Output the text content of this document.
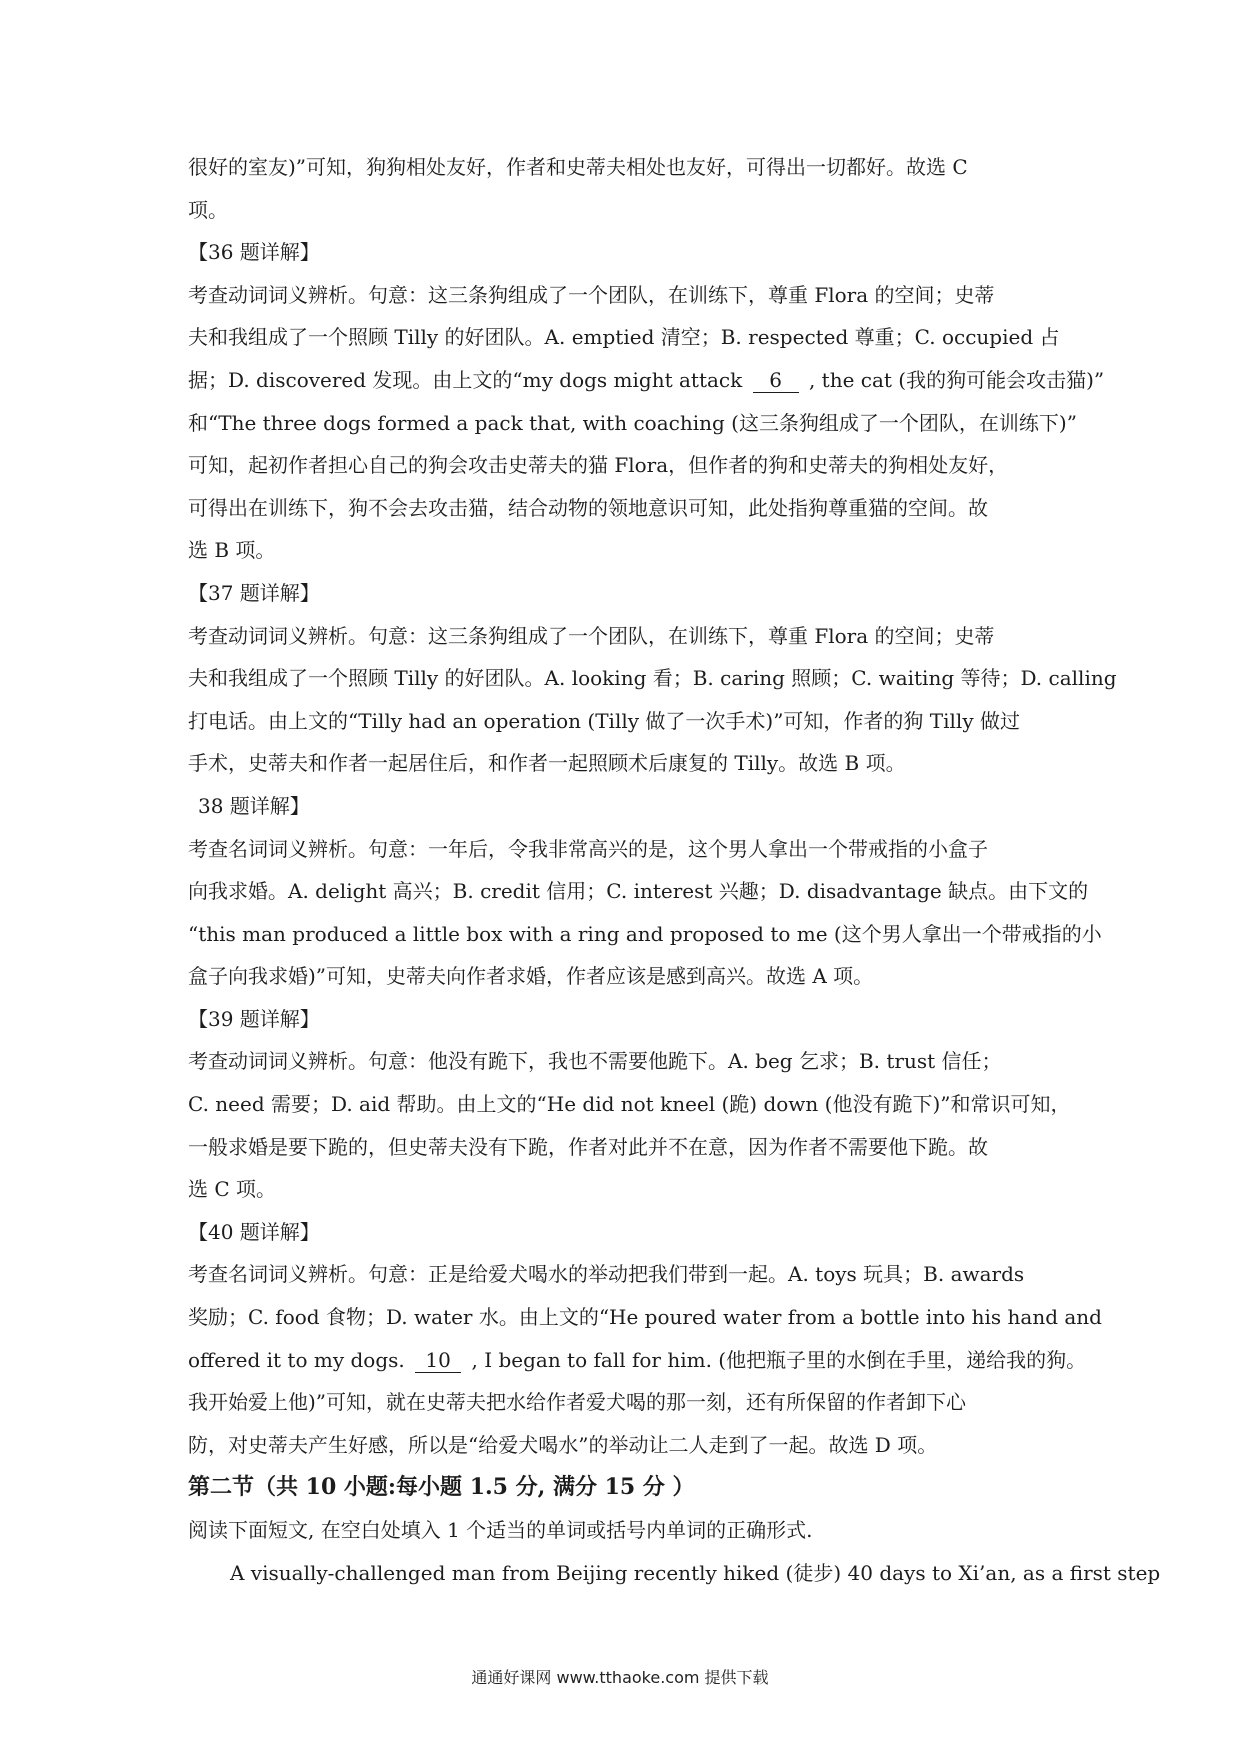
很好的室友)”可知，狗狗相处友好，作者和史蒂夫相处也友好，可得出一切都好。故选 C
项。
【36 题详解】
考查动词词义辨析。句意：这三条狗组成了一个团队，在训练下，尊重 Flora 的空间；史蒂
夫和我组成了一个照顾 Tilly 的好团队。A. emptied 清空；B. respected 尊重；C. occupied 占
据；D. discovered 发现。由上文的“my dogs might attack 6 , the cat (我的狗可能会攻击猫)”
和“The three dogs formed a pack that, with coaching (这三条狗组成了一个团队，在训练下)”
可知，起初作者担心自己的狗会攻击史蒂夫的猫 Flora，但作者的狗和史蒂夫的狗相处友好，
可得出在训练下，狗不会去攻击猫，结合动物的领地意识可知，此处指狗尊重猫的空间。故
选 B 项。
【37 题详解】
考查动词词义辨析。句意：这三条狗组成了一个团队，在训练下，尊重 Flora 的空间；史蒂
夫和我组成了一个照顾 Tilly 的好团队。A. looking 看；B. caring 照顾；C. waiting 等待；D. calling
打电话。由上文的“Tilly had an operation (Tilly 做了一次手术)”可知，作者的狗 Tilly 做过
手术，史蒂夫和作者一起居住后，和作者一起照顾术后康复的 Tilly。故选 B 项。
38 题详解】
考查名词词义辨析。句意：一年后，令我非常高兴的是，这个男人拿出一个带戒指的小盒子
向我求婚。A. delight 高兴；B. credit 信用；C. interest 兴趣；D. disadvantage 缺点。由下文的
“this man produced a little box with a ring and proposed to me (这个男人拿出一个带戒指的小
盒子向我求婚)”可知，史蒂夫向作者求婚，作者应该是感到高兴。故选 A 项。
【39 题详解】
考查动词词义辨析。句意：他没有跪下，我也不需要他跪下。A. beg 乞求；B. trust 信任；
C. need 需要；D. aid 帮助。由上文的“He did not kneel (跪) down (他没有跪下)”和常识可知，
一般求婚是要下跪的，但史蒂夫没有下跪，作者对此并不在意，因为作者不需要他下跪。故
选 C 项。
【40 题详解】
考查名词词义辨析。句意：正是给爱犬喝水的举动把我们带到一起。A. toys 玩具；B. awards
奖励；C. food 食物；D. water 水。由上文的“He poured water from a bottle into his hand and
offered it to my dogs. 10 , I began to fall for him. (他把瓶子里的水倒在手里，递给我的狗。
我开始爱上他)”可知，就在史蒂夫把水给作者爱犬喝的那一刻，还有所保留的作者卸下心
防，对史蒂夫产生好感，所以是“给爱犬喝水”的举动让二人走到了一起。故选 D 项。
第二节（共 10 小题:每小题 1.5 分, 满分 15 分 ）
阅读下面短文, 在空白处填入 1 个适当的单词或括号内单词的正确形式.
A visually-challenged man from Beijing recently hiked (徒步) 40 days to Xi’an, as a first step
通通好课网 www.tthaoke.com 提供下载
